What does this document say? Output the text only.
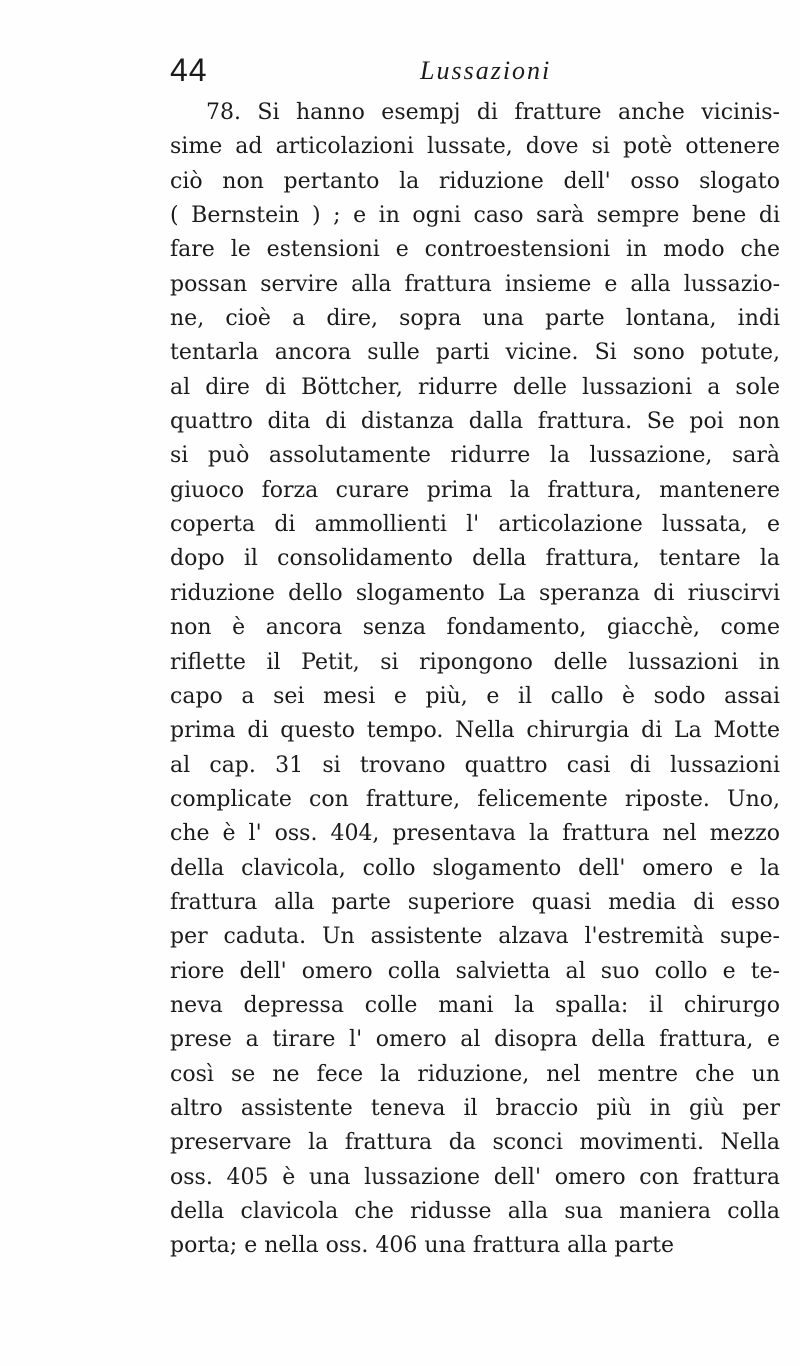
44	Lussazioni
78. Si hanno esempj di fratture anche vicinis-
sime ad articolazioni lussate, dove si potè ottenere
ciò non pertanto la riduzione dell' osso slogato
( Bernstein ) ; e in ogni caso sarà sempre bene di
fare le estensioni e controestensioni in modo che
possan servire alla frattura insieme e alla lussazio-
ne, cioè a dire, sopra una parte lontana, indi
tentarla ancora sulle parti vicine. Si sono potute,
al dire di Böttcher, ridurre delle lussazioni a sole
quattro dita di distanza dalla frattura. Se poi non
si può assolutamente ridurre la lussazione, sarà
giuoco forza curare prima la frattura, mantenere
coperta di ammollienti l' articolazione lussata, e
dopo il consolidamento della frattura, tentare la
riduzione dello slogamento La speranza di riuscirvi
non è ancora senza fondamento, giacchè, come
riflette il Petit, si ripongono delle lussazioni in
capo a sei mesi e più, e il callo è sodo assai
prima di questo tempo. Nella chirurgia di La Motte
al cap. 31 si trovano quattro casi di lussazioni
complicate con fratture, felicemente riposte. Uno,
che è l' oss. 404, presentava la frattura nel mezzo
della clavicola, collo slogamento dell' omero e la
frattura alla parte superiore quasi media di esso
per caduta. Un assistente alzava l'estremità supe-
riore dell' omero colla salvietta al suo collo e te-
neva depressa colle mani la spalla: il chirurgo
prese a tirare l' omero al disopra della frattura, e
così se ne fece la riduzione, nel mentre che un
altro assistente teneva il braccio più in giù per
preservare la frattura da sconci movimenti. Nella
oss. 405 è una lussazione dell' omero con frattura
della clavicola che ridusse alla sua maniera colla
porta; e nella oss. 406 una frattura alla parte
